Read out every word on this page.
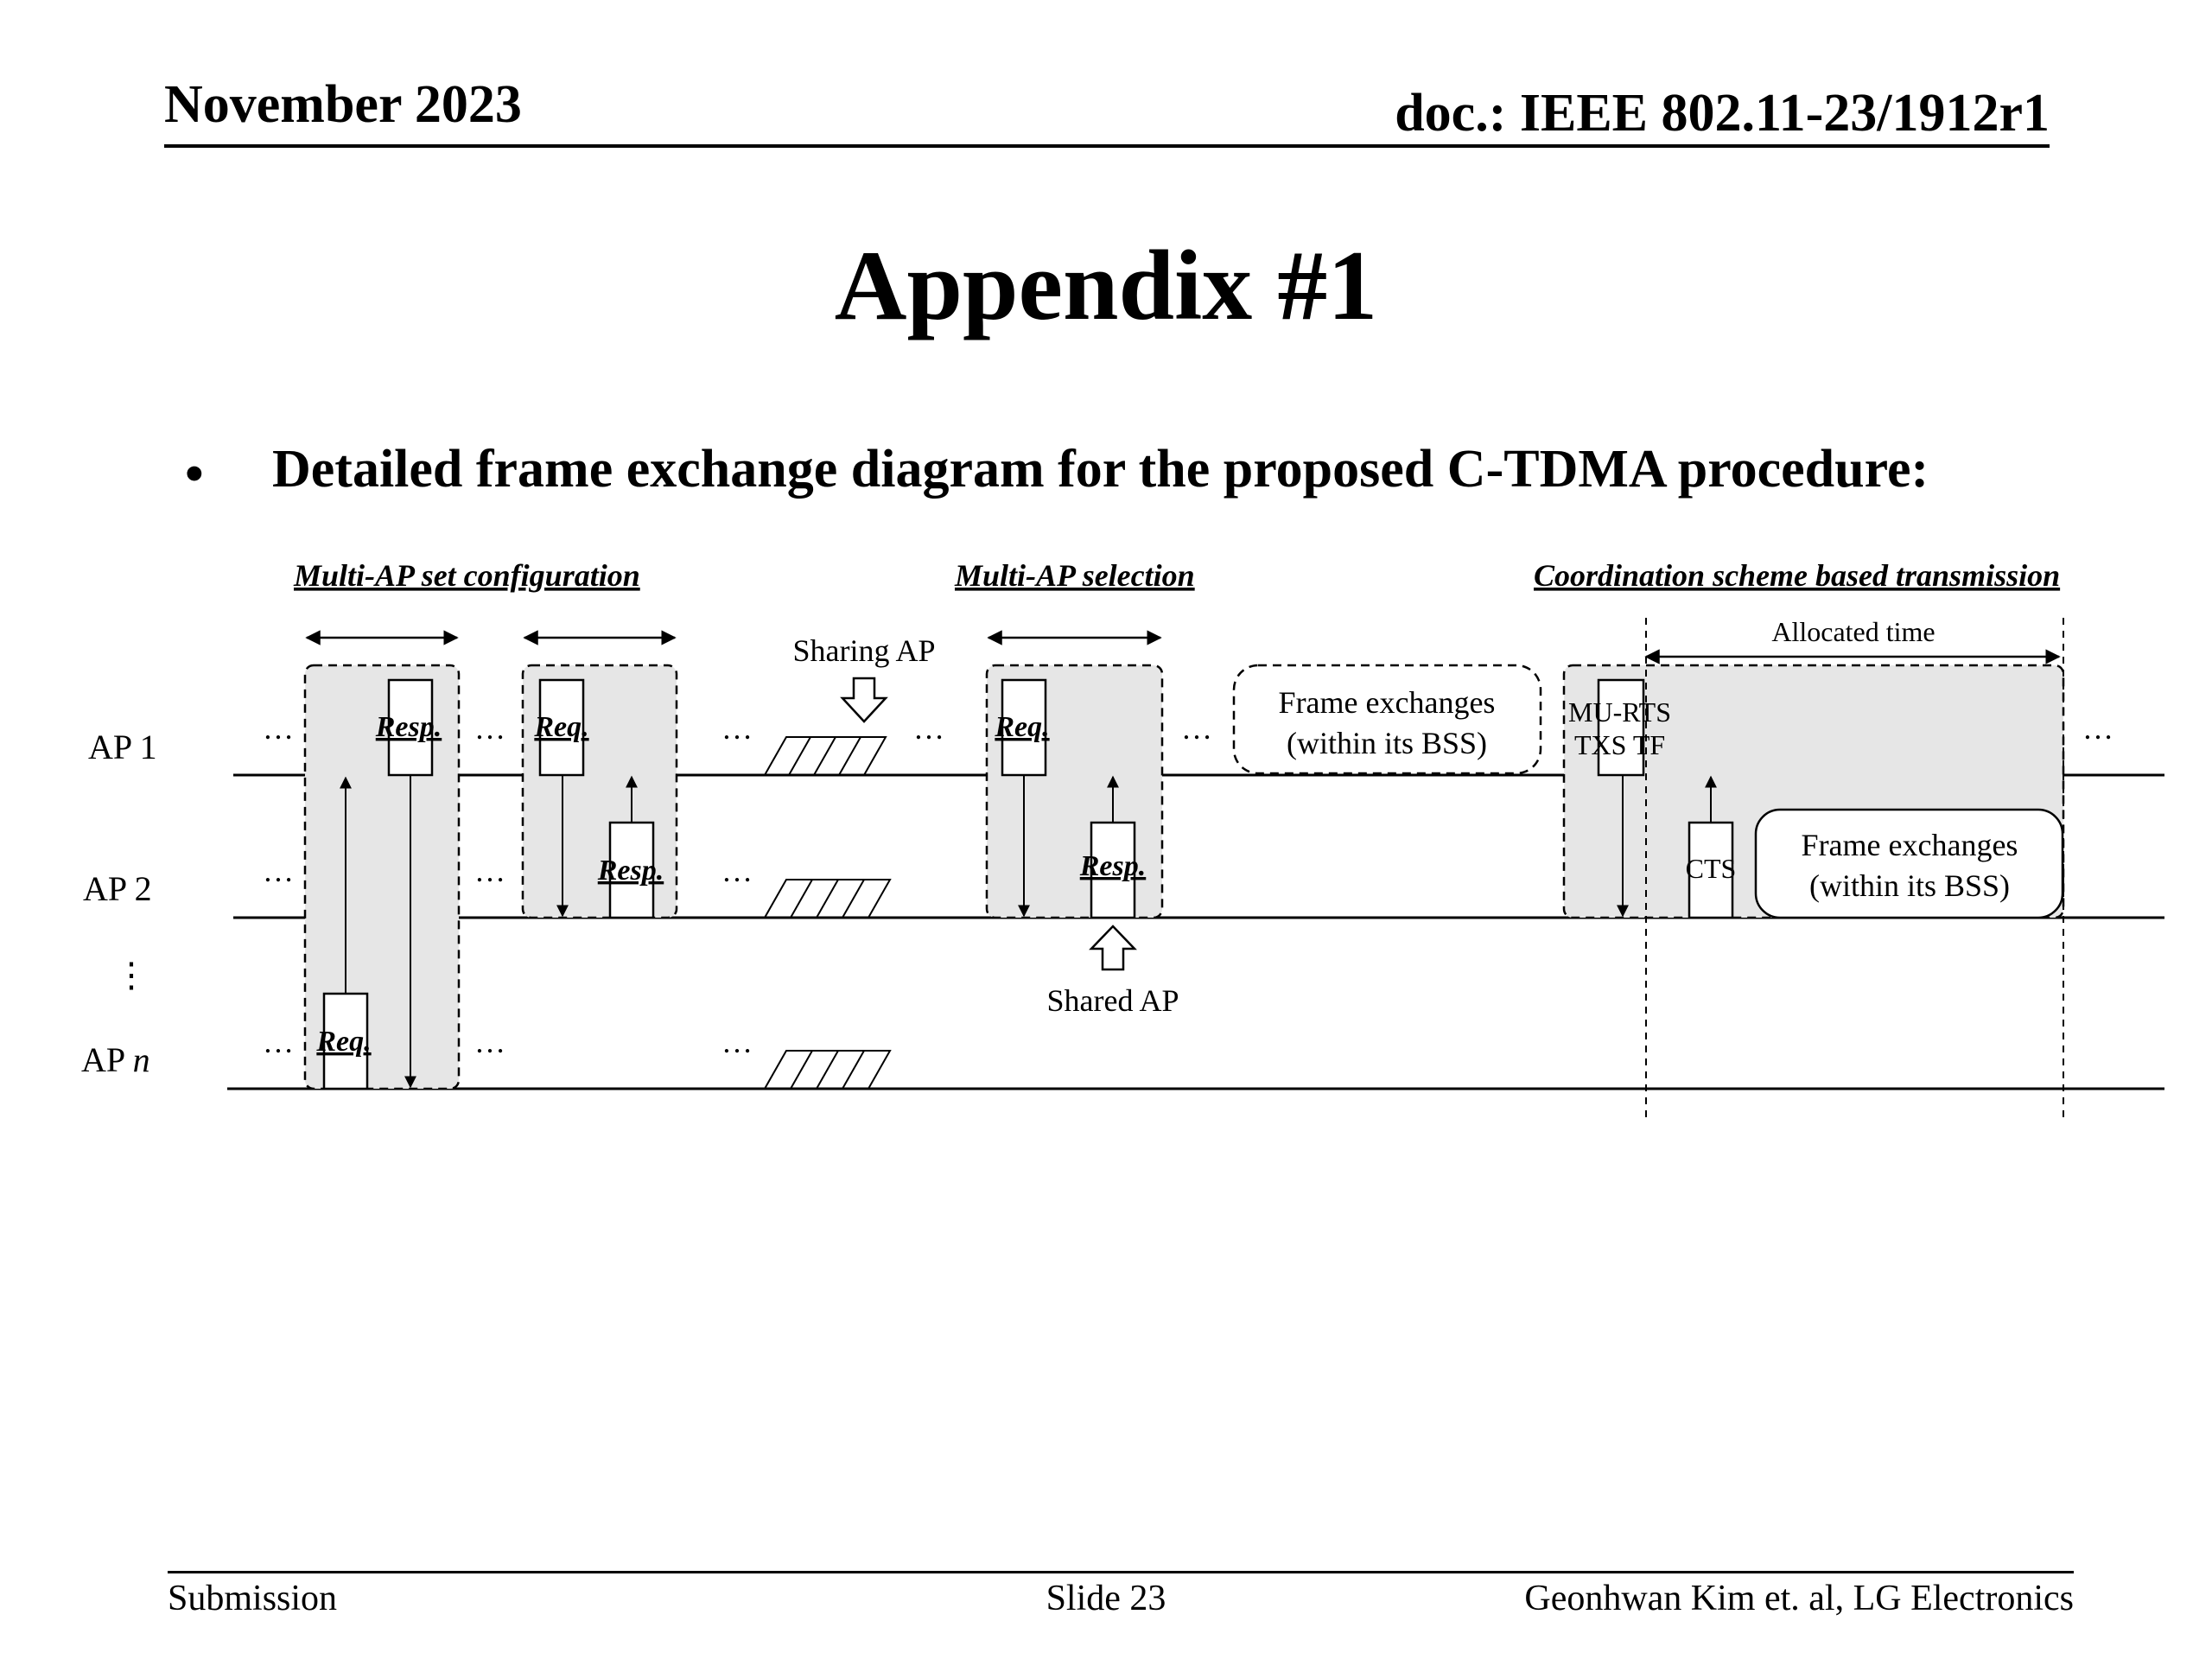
November 2023	doc.: IEEE 802.11-23/1912r1
Appendix #1
• Detailed frame exchange diagram for the proposed C-TDMA procedure:
Multi-AP set configuration	Multi-AP selection	Coordination scheme based transmission
AP 1
AP 2
⋮
AP n
Allocated time
Resp.
Req.
Req.
Resp.
Sharing AP
Req.
Resp.
Shared AP
Frame exchanges
(within its BSS)
MU-RTS
TXS TF
CTS
Frame exchanges
(within its BSS)
…	…	…	…	…	…
…	…	…
…	…	…
Submission	Slide 23	Geonhwan Kim et. al, LG Electronics
